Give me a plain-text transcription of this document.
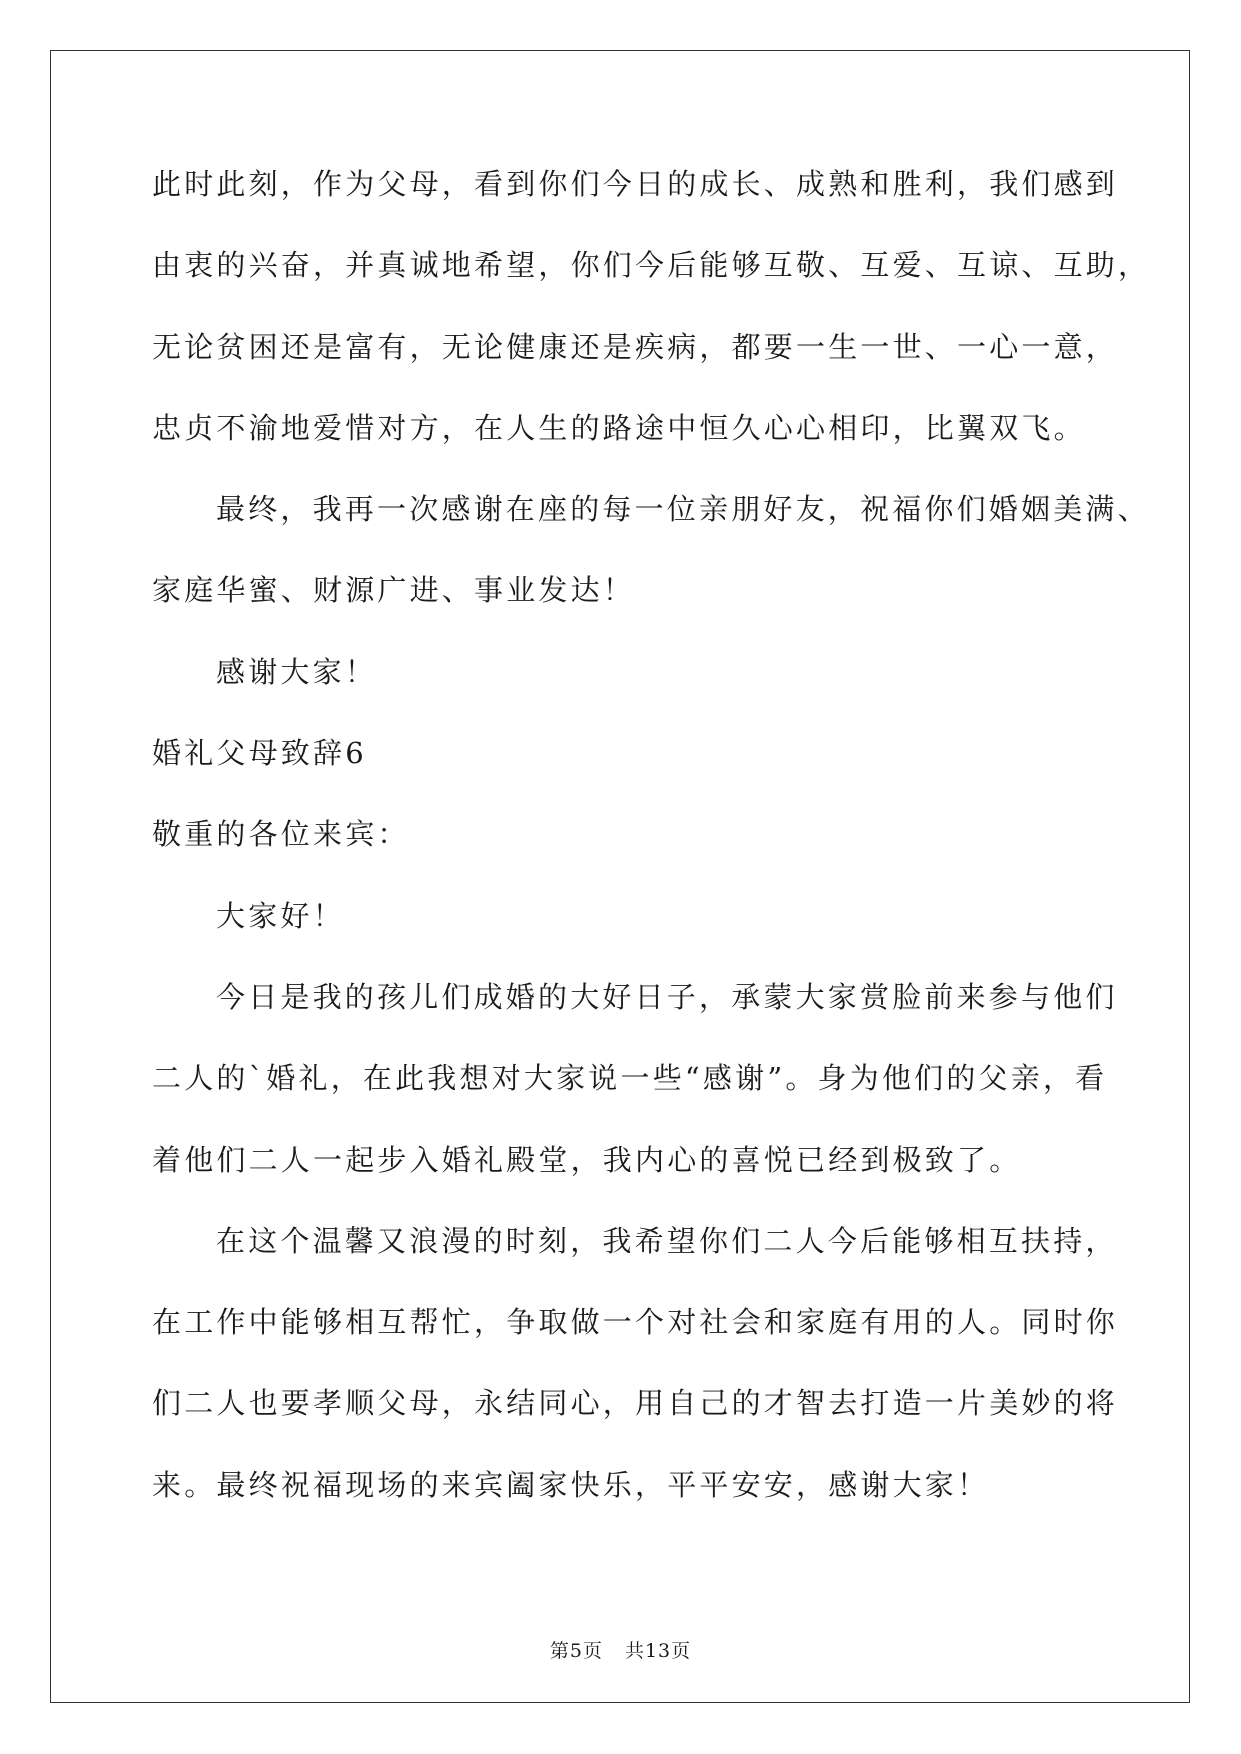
此时此刻，作为父母，看到你们今日的成长、成熟和胜利，我们感到

由衷的兴奋，并真诚地希望，你们今后能够互敬、互爱、互谅、互助，

无论贫困还是富有，无论健康还是疾病，都要一生一世、一心一意，

忠贞不渝地爱惜对方，在人生的路途中恒久心心相印，比翼双飞。

最终，我再一次感谢在座的每一位亲朋好友，祝福你们婚姻美满、

家庭华蜜、财源广进、事业发达！

感谢大家！

婚礼父母致辞6

敬重的各位来宾：

大家好！

今日是我的孩儿们成婚的大好日子，承蒙大家赏脸前来参与他们

二人的`婚礼，在此我想对大家说一些“感谢”。身为他们的父亲，看

着他们二人一起步入婚礼殿堂，我内心的喜悦已经到极致了。

在这个温馨又浪漫的时刻，我希望你们二人今后能够相互扶持，

在工作中能够相互帮忙，争取做一个对社会和家庭有用的人。同时你

们二人也要孝顺父母，永结同心，用自己的才智去打造一片美妙的将

来。最终祝福现场的来宾阖家快乐，平平安安，感谢大家！

第5页 共13页
